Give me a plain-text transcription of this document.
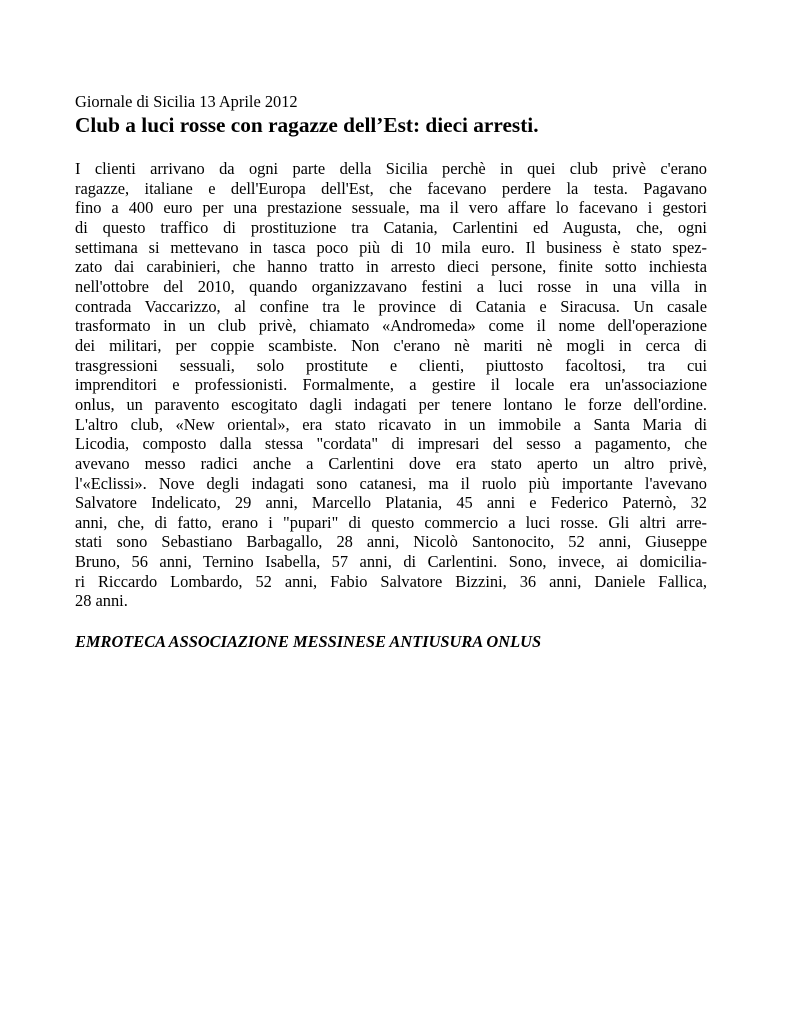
Giornale di Sicilia 13 Aprile 2012

Club a luci rosse con ragazze dell’Est: dieci arresti.
I clienti arrivano da ogni parte della Sicilia perchè in quei club privè c'erano
ragazze, italiane e dell'Europa dell'Est, che facevano perdere la testa. Pagavano
fino a 400 euro per una prestazione sessuale, ma il vero affare lo facevano i gestori
di questo traffico di prostituzione tra Catania, Carlentini ed Augusta, che, ogni
settimana si mettevano in tasca poco più di 10 mila euro. Il business è stato spez-
zato dai carabinieri, che hanno tratto in arresto dieci persone, finite sotto inchiesta
nell'ottobre del 2010, quando organizzavano festini a luci rosse in una villa in
contrada Vaccarizzo, al confine tra le province di Catania e Siracusa. Un casale
trasformato in un club privè, chiamato «Andromeda» come il nome dell'operazione
dei militari, per coppie scambiste. Non c'erano nè mariti nè mogli in cerca di
trasgressioni sessuali, solo prostitute e clienti, piuttosto facoltosi, tra cui
imprenditori e professionisti. Formalmente, a gestire il locale era un'associazione
onlus, un paravento escogitato dagli indagati per tenere lontano le forze dell'ordine.
L'altro club, «New oriental», era stato ricavato in un immobile a Santa Maria di
Licodia, composto dalla stessa "cordata" di impresari del sesso a pagamento, che
avevano messo radici anche a Carlentini dove era stato aperto un altro privè,
l'«Eclissi». Nove degli indagati sono catanesi, ma il ruolo più importante l'avevano
Salvatore Indelicato, 29 anni, Marcello Platania, 45 anni e Federico Paternò, 32
anni, che, di fatto, erano i "pupari" di questo commercio a luci rosse. Gli altri arre-
stati sono Sebastiano Barbagallo, 28 anni, Nicolò Santonocito, 52 anni, Giuseppe
Bruno, 56 anni, Ternino Isabella, 57 anni, di Carlentini. Sono, invece, ai domicilia-
ri Riccardo Lombardo, 52 anni, Fabio Salvatore Bizzini, 36 anni, Daniele Fallica,
28 anni.

EMROTECA ASSOCIAZIONE MESSINESE ANTIUSURA ONLUS
